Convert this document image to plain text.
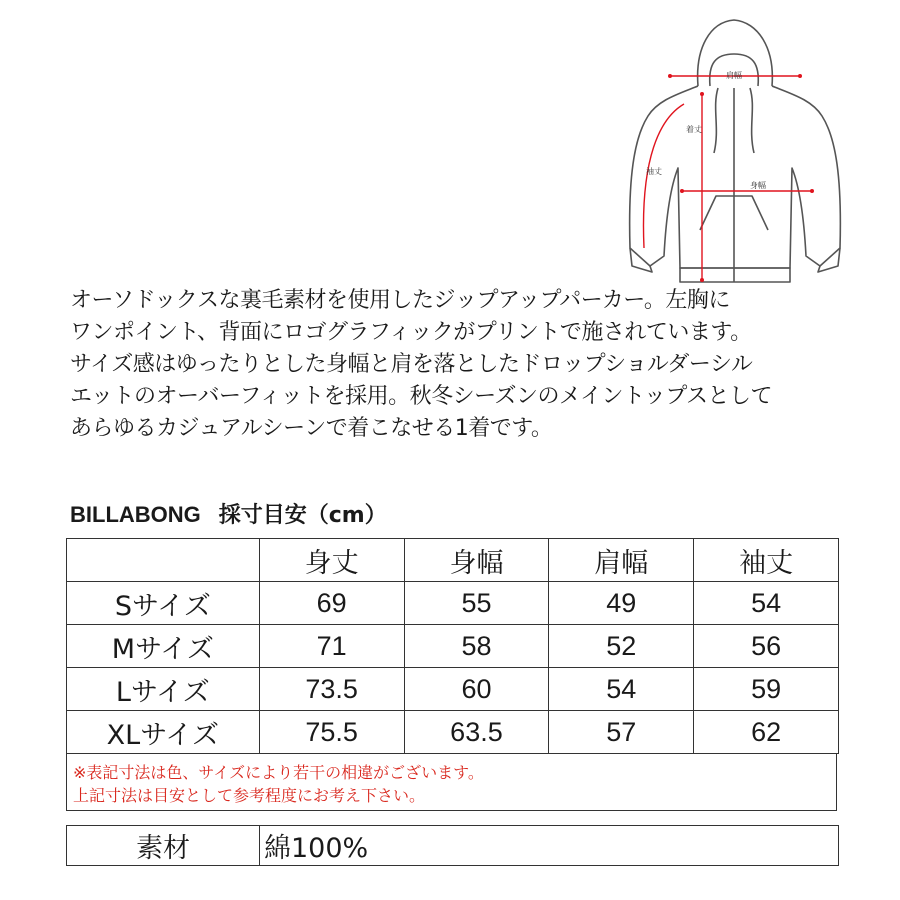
肩幅
着丈
袖丈
身幅

オーソドックスな裏毛素材を使用したジップアップパーカー。左胸に
ワンポイント、背面にロゴグラフィックがプリントで施されています。
サイズ感はゆったりとした身幅と肩を落としたドロップショルダーシル
エットのオーバーフィットを採用。秋冬シーズンのメイントップスとして
あらゆるカジュアルシーンで着こなせる1着です。

BILLABONG 採寸目安（cm）
	身丈	身幅	肩幅	袖丈
Sサイズ	69	55	49	54
Mサイズ	71	58	52	56
Lサイズ	73.5	60	54	59
XLサイズ	75.5	63.5	57	62
※表記寸法は色、サイズにより若干の相違がございます。
上記寸法は目安として参考程度にお考え下さい。
素材	綿100%
